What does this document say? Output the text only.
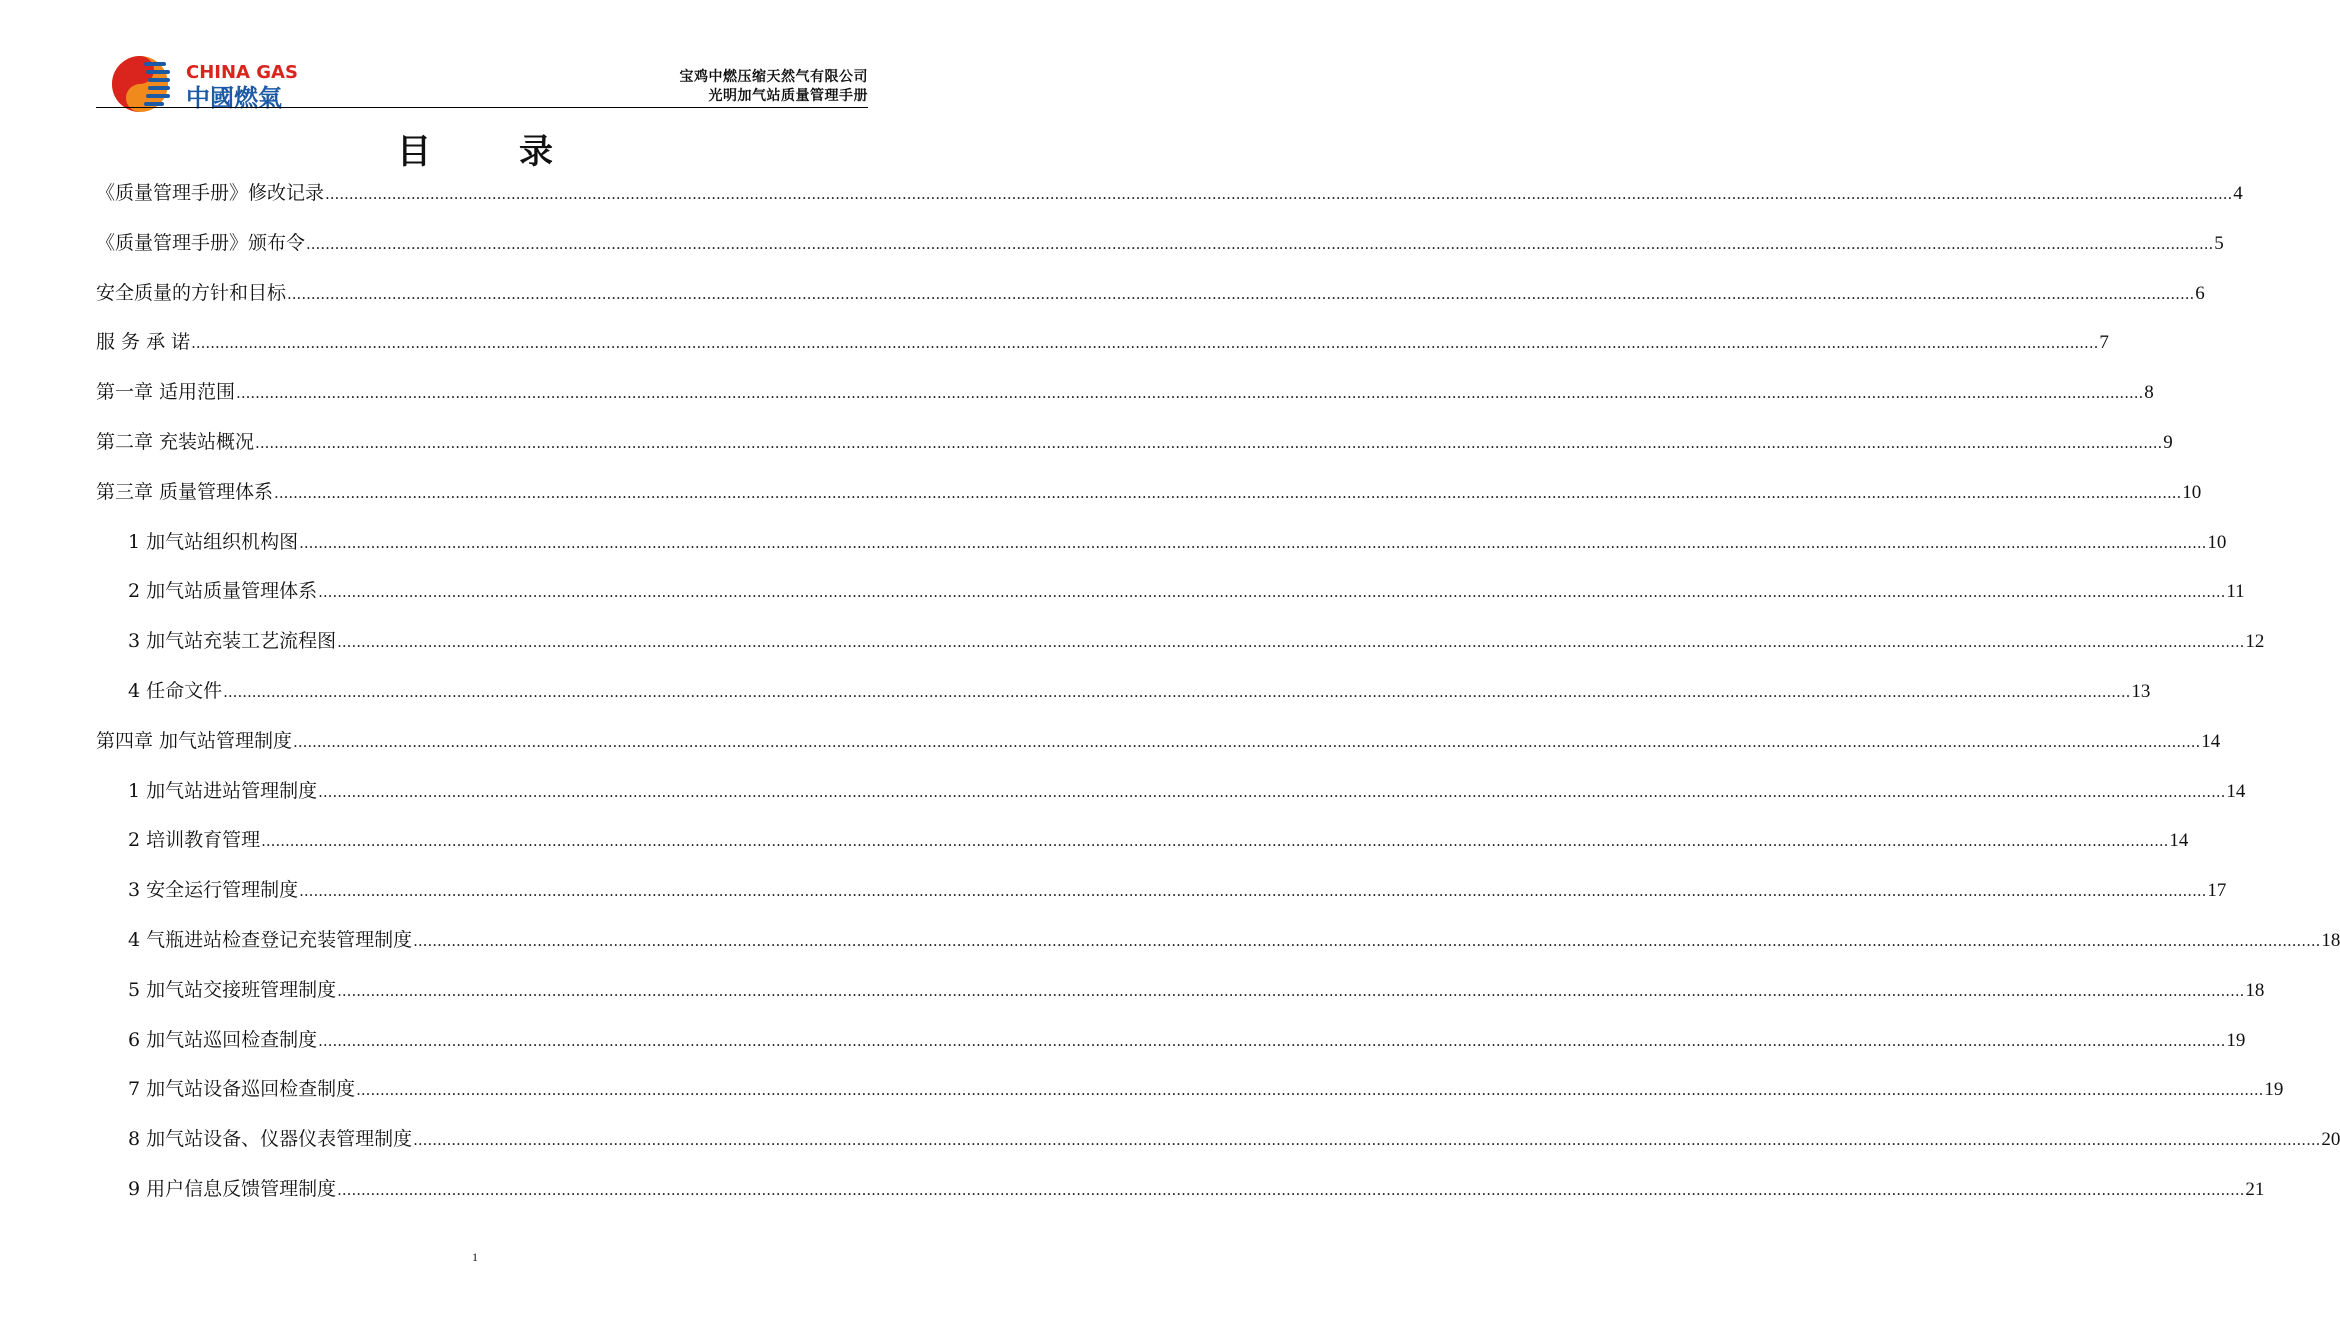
CHINA GAS
中國燃氣
宝鸡中燃压缩天然气有限公司
光明加气站质量管理手册
目录
《质量管理手册》修改记录 ................................................................................................................................................................................................................................................................................................................................................................................................................ 4
《质量管理手册》颁布令 ................................................................................................................................................................................................................................................................................................................................................................................................................ 5
安全质量的方针和目标 ................................................................................................................................................................................................................................................................................................................................................................................................................ 6
服 务 承 诺 ................................................................................................................................................................................................................................................................................................................................................................................................................ 7
第一章 适用范围 ................................................................................................................................................................................................................................................................................................................................................................................................................ 8
第二章 充装站概况 ................................................................................................................................................................................................................................................................................................................................................................................................................ 9
第三章 质量管理体系 ................................................................................................................................................................................................................................................................................................................................................................................................................ 10
1 加气站组织机构图 ................................................................................................................................................................................................................................................................................................................................................................................................................ 10
2 加气站质量管理体系 ................................................................................................................................................................................................................................................................................................................................................................................................................ 11
3 加气站充装工艺流程图 ................................................................................................................................................................................................................................................................................................................................................................................................................ 12
4 任命文件 ................................................................................................................................................................................................................................................................................................................................................................................................................ 13
第四章 加气站管理制度 ................................................................................................................................................................................................................................................................................................................................................................................................................ 14
1 加气站进站管理制度 ................................................................................................................................................................................................................................................................................................................................................................................................................ 14
2 培训教育管理 ................................................................................................................................................................................................................................................................................................................................................................................................................ 14
3 安全运行管理制度 ................................................................................................................................................................................................................................................................................................................................................................................................................ 17
4 气瓶进站检查登记充装管理制度 ................................................................................................................................................................................................................................................................................................................................................................................................................ 18
5 加气站交接班管理制度 ................................................................................................................................................................................................................................................................................................................................................................................................................ 18
6 加气站巡回检查制度 ................................................................................................................................................................................................................................................................................................................................................................................................................ 19
7 加气站设备巡回检查制度 ................................................................................................................................................................................................................................................................................................................................................................................................................ 19
8 加气站设备、仪器仪表管理制度 ................................................................................................................................................................................................................................................................................................................................................................................................................ 20
9 用户信息反馈管理制度 ................................................................................................................................................................................................................................................................................................................................................................................................................ 21
1
